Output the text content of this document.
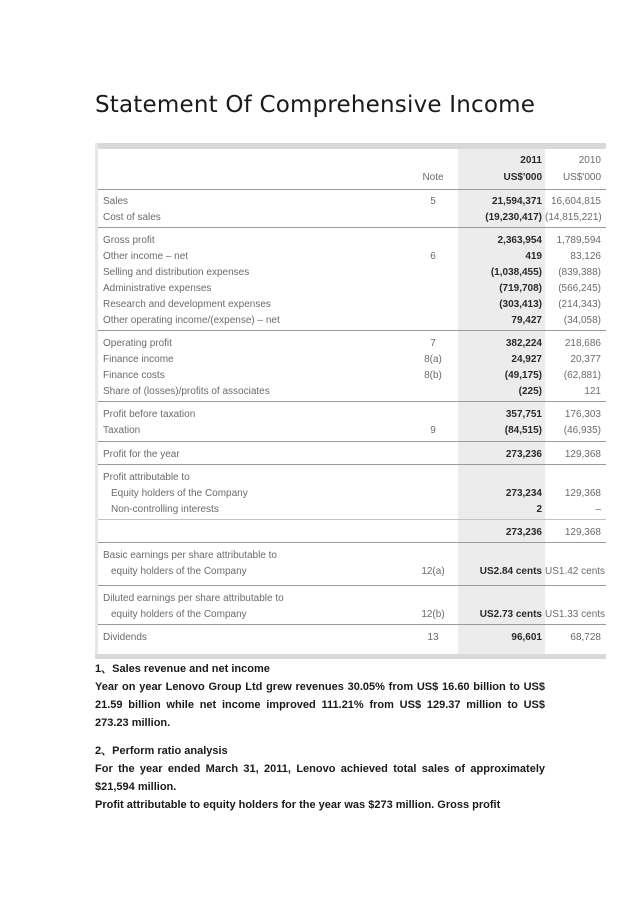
Statement Of Comprehensive Income
2011	2010
Note	US$'000	US$'000
Sales	5	21,594,371 16,604,815
Cost of sales	(19,230,417) (14,815,221)
Gross profit	2,363,954	1,789,594
Other income – net	6	419	83,126
Selling and distribution expenses	(1,038,455)	(839,388)
Administrative expenses	(719,708)	(566,245)
Research and development expenses	(303,413)	(214,343)
Other operating income/(expense) – net	79,427	(34,058)
Operating profit	7	382,224	218,686
Finance income	8(a)	24,927	20,377
Finance costs	8(b)	(49,175)	(62,881)
Share of (losses)/profits of associates	(225)	121
Profit before taxation	357,751	176,303
Taxation	9	(84,515)	(46,935)
Profit for the year	273,236	129,368
Profit attributable to
Equity holders of the Company	273,234	129,368
Non-controlling interests	2	–
273,236	129,368
Basic earnings per share attributable to
equity holders of the Company	12(a)	US2.84 cents US1.42 cents
Diluted earnings per share attributable to
equity holders of the Company	12(b)	US2.73 cents US1.33 cents
Dividends	13	96,601	68,728

1、Sales revenue and net income

Year on year Lenovo Group Ltd grew revenues 30.05% from US$ 16.60 billion to US$ 21.59 billion while net income improved 111.21% from US$ 129.37 million to US$ 273.23 million.

2、Perform ratio analysis

For the year ended March 31, 2011, Lenovo achieved total sales of approximately $21,594 million.

Profit attributable to equity holders for the year was $273 million. Gross profit
